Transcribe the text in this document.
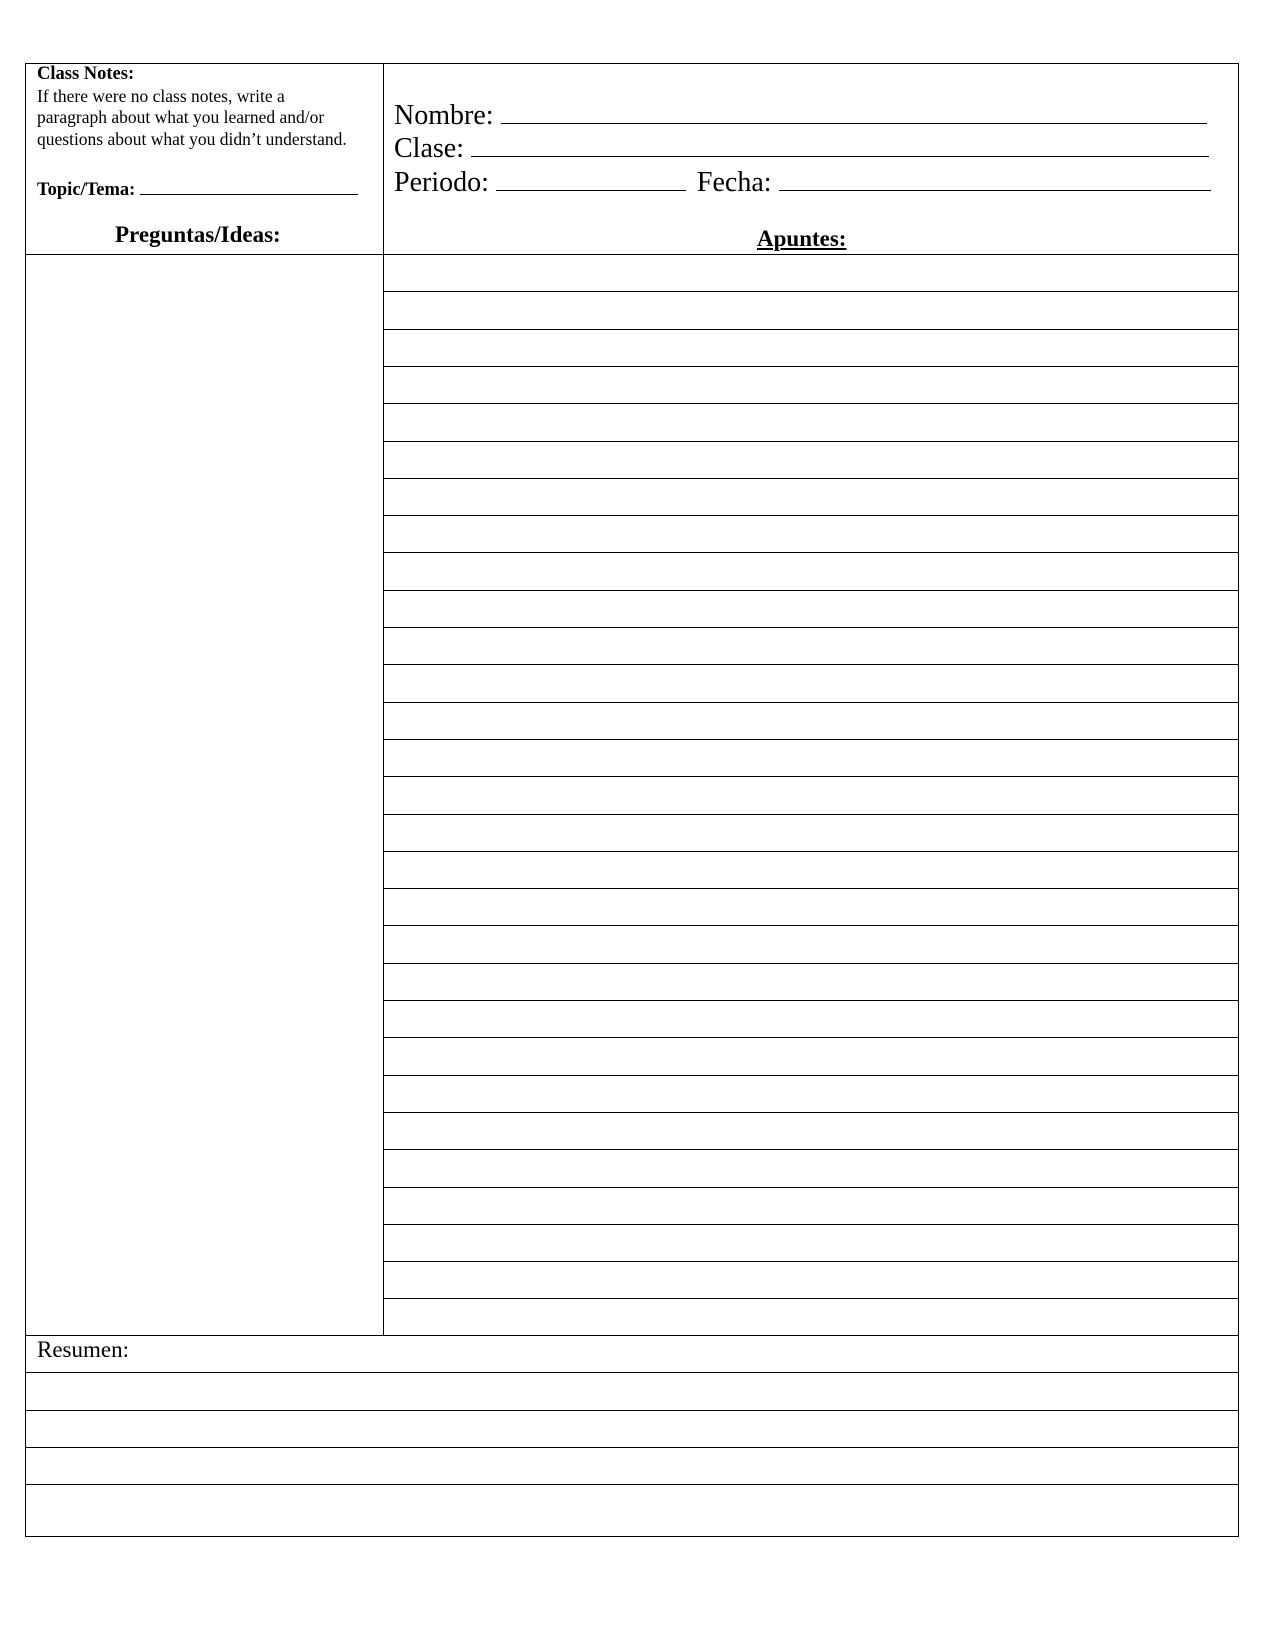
Class Notes:
If there were no class notes, write a
paragraph about what you learned and/or
questions about what you didn’t understand.
Topic/Tema:
Preguntas/Ideas:
Nombre:
Clase:
Periodo:	Fecha:
Apuntes:
Resumen:
